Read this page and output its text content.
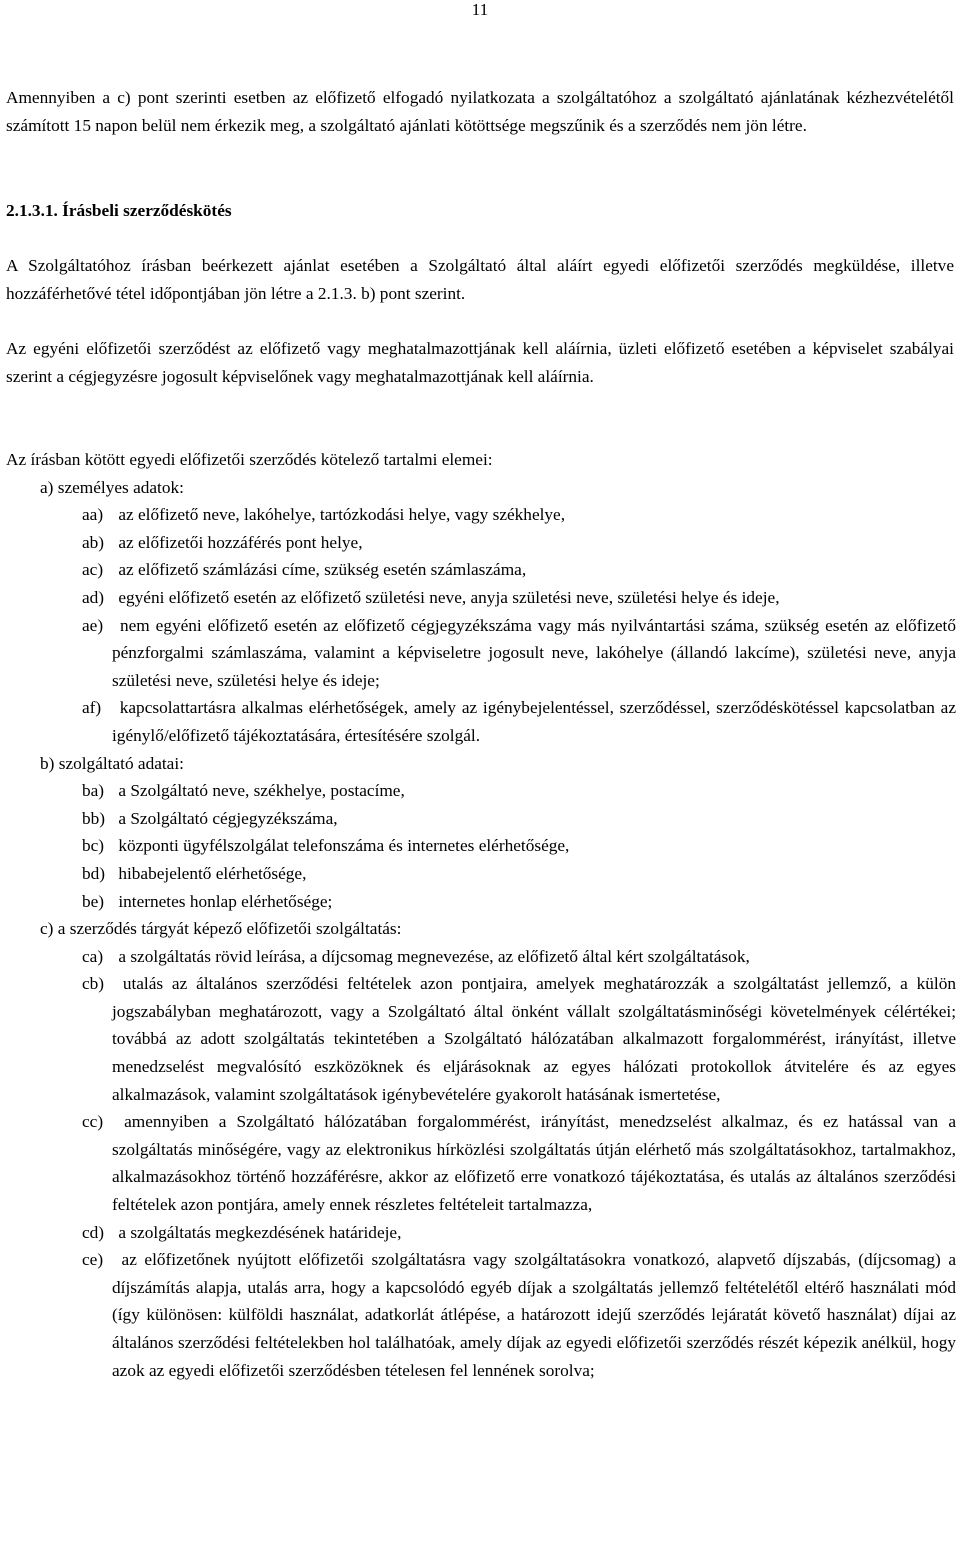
11

Amennyiben a c) pont szerinti esetben az előfizető elfogadó nyilatkozata a szolgáltatóhoz a szolgáltató ajánlatának kézhezvételétől számított 15 napon belül nem érkezik meg, a szolgáltató ajánlati kötöttsége megszűnik és a szerződés nem jön létre.

2.1.3.1. Írásbeli szerződéskötés

A Szolgáltatóhoz írásban beérkezett ajánlat esetében a Szolgáltató által aláírt egyedi előfizetői szerződés megküldése, illetve hozzáférhetővé tétel időpontjában jön létre a 2.1.3. b) pont szerint.

Az egyéni előfizetői szerződést az előfizető vagy meghatalmazottjának kell aláírnia, üzleti előfizető esetében a képviselet szabályai szerint a cégjegyzésre jogosult képviselőnek vagy meghatalmazottjának kell aláírnia.

Az írásban kötött egyedi előfizetői szerződés kötelező tartalmi elemei:
a) személyes adatok:
aa) az előfizető neve, lakóhelye, tartózkodási helye, vagy székhelye,
ab) az előfizetői hozzáférés pont helye,
ac) az előfizető számlázási címe, szükség esetén számlaszáma,
ad) egyéni előfizető esetén az előfizető születési neve, anyja születési neve, születési helye és ideje,
ae) nem egyéni előfizető esetén az előfizető cégjegyzékszáma vagy más nyilvántartási száma, szükség esetén az előfizető pénzforgalmi számlaszáma, valamint a képviseletre jogosult neve, lakóhelye (állandó lakcíme), születési neve, anyja születési neve, születési helye és ideje;
af) kapcsolattartásra alkalmas elérhetőségek, amely az igénybejelentéssel, szerződéssel, szerződéskötéssel kapcsolatban az igénylő/előfizető tájékoztatására, értesítésére szolgál.
b) szolgáltató adatai:
ba) a Szolgáltató neve, székhelye, postacíme,
bb) a Szolgáltató cégjegyzékszáma,
bc) központi ügyfélszolgálat telefonszáma és internetes elérhetősége,
bd) hibabejelentő elérhetősége,
be) internetes honlap elérhetősége;
c) a szerződés tárgyát képező előfizetői szolgáltatás:
ca) a szolgáltatás rövid leírása, a díjcsomag megnevezése, az előfizető által kért szolgáltatások,
cb) utalás az általános szerződési feltételek azon pontjaira, amelyek meghatározzák a szolgáltatást jellemző, a külön jogszabályban meghatározott, vagy a Szolgáltató által önként vállalt szolgáltatásminőségi követelmények célértékei; továbbá az adott szolgáltatás tekintetében a Szolgáltató hálózatában alkalmazott forgalommérést, irányítást, illetve menedzselést megvalósító eszközöknek és eljárásoknak az egyes hálózati protokollok átvitelére és az egyes alkalmazások, valamint szolgáltatások igénybevételére gyakorolt hatásának ismertetése,
cc) amennyiben a Szolgáltató hálózatában forgalommérést, irányítást, menedzselést alkalmaz, és ez hatással van a szolgáltatás minőségére, vagy az elektronikus hírközlési szolgáltatás útján elérhető más szolgáltatásokhoz, tartalmakhoz, alkalmazásokhoz történő hozzáférésre, akkor az előfizető erre vonatkozó tájékoztatása, és utalás az általános szerződési feltételek azon pontjára, amely ennek részletes feltételeit tartalmazza,
cd) a szolgáltatás megkezdésének határideje,
ce) az előfizetőnek nyújtott előfizetői szolgáltatásra vagy szolgáltatásokra vonatkozó, alapvető díjszabás, (díjcsomag) a díjszámítás alapja, utalás arra, hogy a kapcsolódó egyéb díjak a szolgáltatás jellemző feltételétől eltérő használati mód (így különösen: külföldi használat, adatkorlát átlépése, a határozott idejű szerződés lejáratát követő használat) díjai az általános szerződési feltételekben hol találhatóak, amely díjak az egyedi előfizetői szerződés részét képezik anélkül, hogy azok az egyedi előfizetői szerződésben tételesen fel lennének sorolva;
